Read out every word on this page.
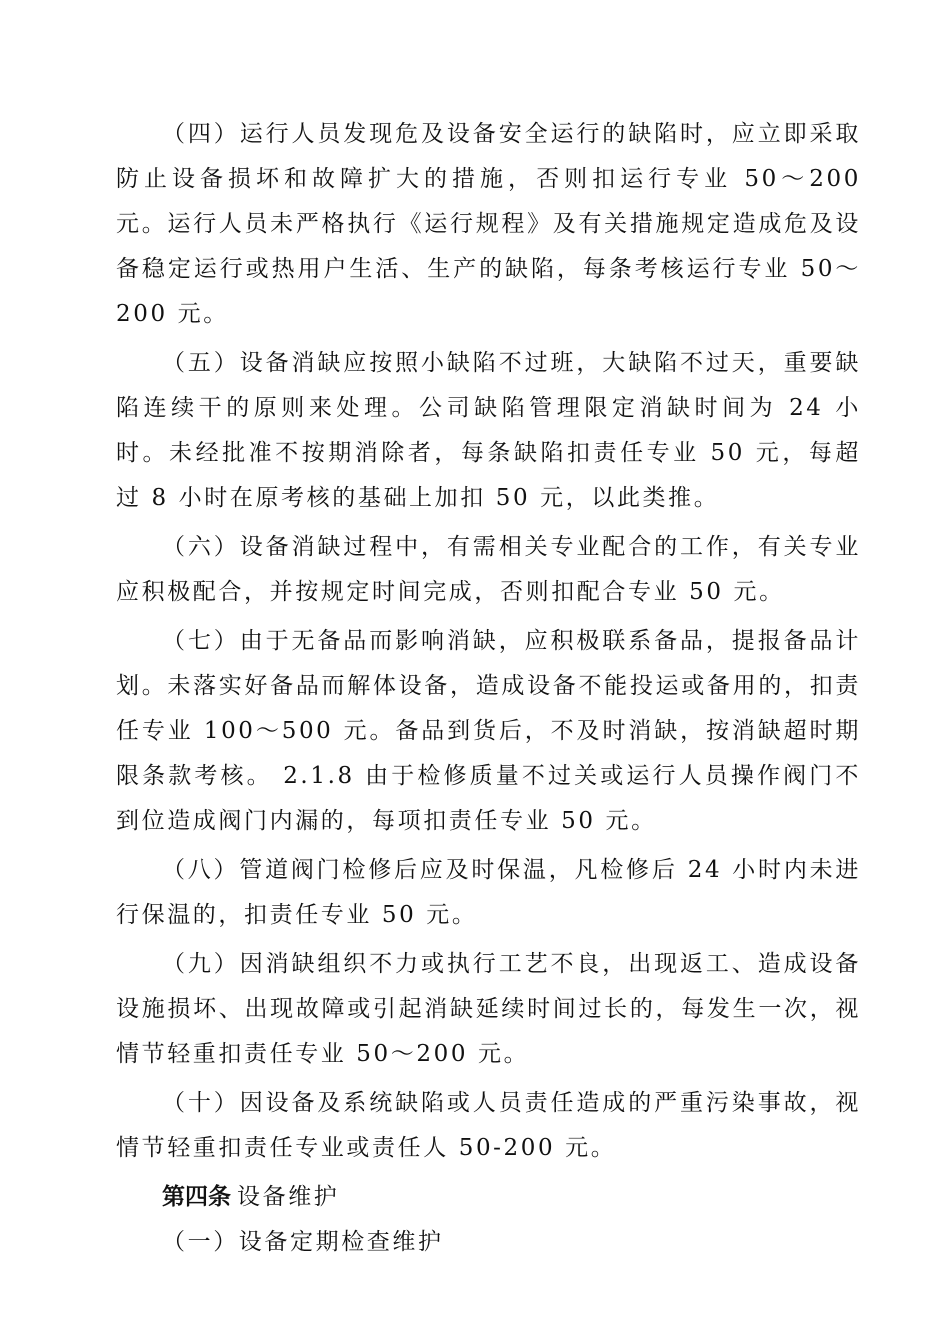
（四）运行人员发现危及设备安全运行的缺陷时，应立即采取防止设备损坏和故障扩大的措施，否则扣运行专业 50～200 元。运行人员未严格执行《运行规程》及有关措施规定造成危及设备稳定运行或热用户生活、生产的缺陷，每条考核运行专业 50～200 元。

（五）设备消缺应按照小缺陷不过班，大缺陷不过天，重要缺陷连续干的原则来处理。公司缺陷管理限定消缺时间为 24 小时。未经批准不按期消除者，每条缺陷扣责任专业 50 元，每超过 8 小时在原考核的基础上加扣 50 元，以此类推。

（六）设备消缺过程中，有需相关专业配合的工作，有关专业应积极配合，并按规定时间完成，否则扣配合专业 50 元。

（七）由于无备品而影响消缺，应积极联系备品，提报备品计划。未落实好备品而解体设备，造成设备不能投运或备用的，扣责任专业 100～500 元。备品到货后，不及时消缺，按消缺超时期限条款考核。 2.1.8 由于检修质量不过关或运行人员操作阀门不到位造成阀门内漏的，每项扣责任专业 50 元。

（八）管道阀门检修后应及时保温，凡检修后 24 小时内未进行保温的，扣责任专业 50 元。

（九）因消缺组织不力或执行工艺不良，出现返工、造成设备设施损坏、出现故障或引起消缺延续时间过长的，每发生一次，视情节轻重扣责任专业 50～200 元。

（十）因设备及系统缺陷或人员责任造成的严重污染事故，视情节轻重扣责任专业或责任人 50-200 元。

第四条 设备维护

（一）设备定期检查维护
